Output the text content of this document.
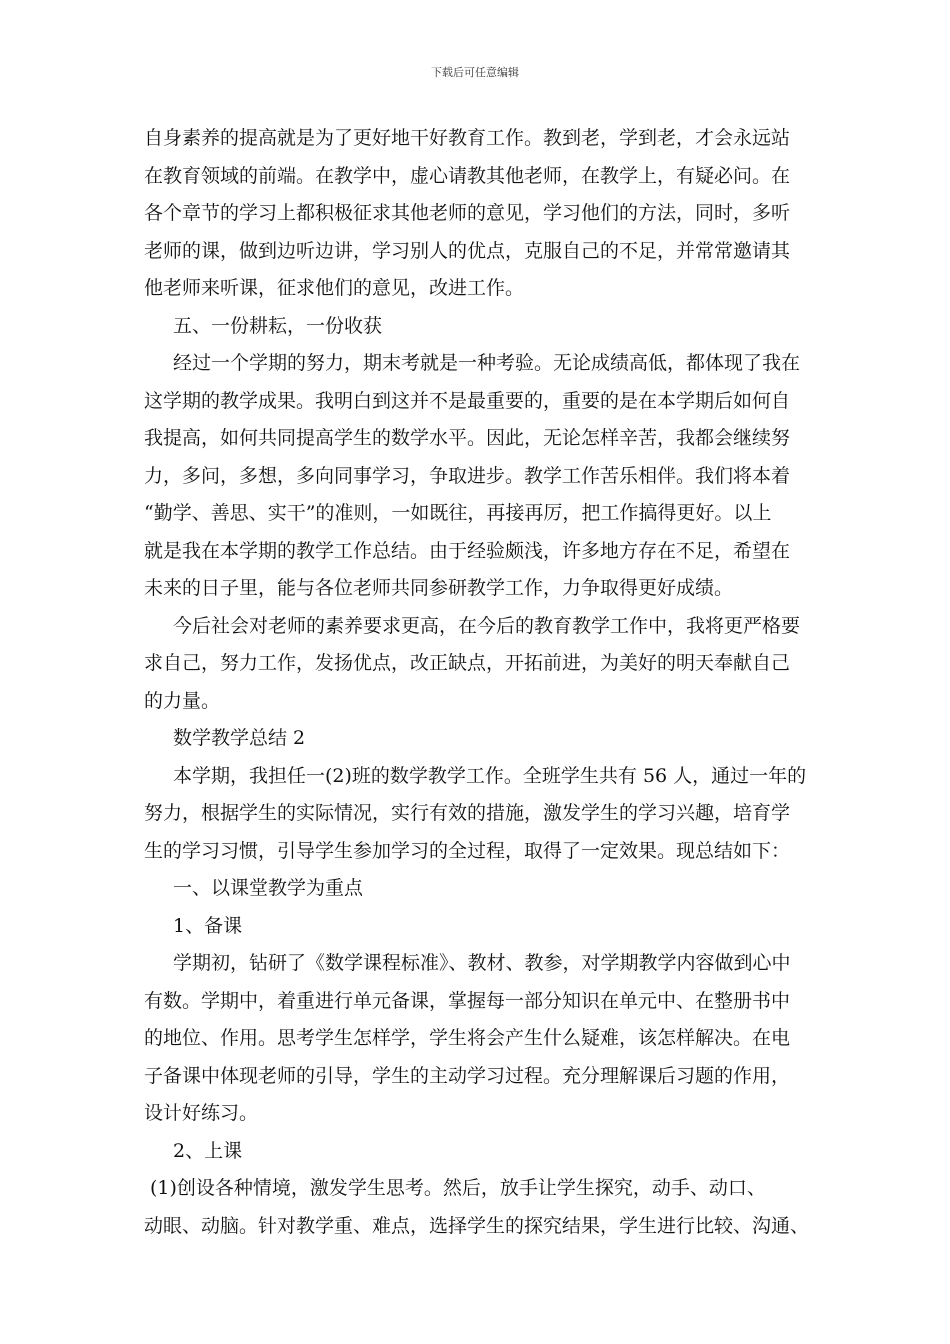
下载后可任意编辑
自身素养的提高就是为了更好地干好教育工作。教到老，学到老，才会永远站
在教育领域的前端。在教学中，虚心请教其他老师，在教学上，有疑必问。在
各个章节的学习上都积极征求其他老师的意见，学习他们的方法，同时，多听
老师的课，做到边听边讲，学习别人的优点，克服自己的不足，并常常邀请其
他老师来听课，征求他们的意见，改进工作。
五、一份耕耘，一份收获
经过一个学期的努力，期末考就是一种考验。无论成绩高低，都体现了我在
这学期的教学成果。我明白到这并不是最重要的，重要的是在本学期后如何自
我提高，如何共同提高学生的数学水平。因此，无论怎样辛苦，我都会继续努
力，多问，多想，多向同事学习，争取进步。教学工作苦乐相伴。我们将本着
“勤学、善思、实干”的准则，一如既往，再接再厉，把工作搞得更好。以上
就是我在本学期的教学工作总结。由于经验颇浅，许多地方存在不足，希望在
未来的日子里，能与各位老师共同参研教学工作，力争取得更好成绩。
今后社会对老师的素养要求更高，在今后的教育教学工作中，我将更严格要
求自己，努力工作，发扬优点，改正缺点，开拓前进，为美好的明天奉献自己
的力量。
数学教学总结 2
本学期，我担任一(2)班的数学教学工作。全班学生共有 56 人，通过一年的
努力，根据学生的实际情况，实行有效的措施，激发学生的学习兴趣，培育学
生的学习习惯，引导学生参加学习的全过程，取得了一定效果。现总结如下：
一、以课堂教学为重点
1、备课
学期初，钻研了《数学课程标准》、教材、教参，对学期教学内容做到心中
有数。学期中，着重进行单元备课，掌握每一部分知识在单元中、在整册书中
的地位、作用。思考学生怎样学，学生将会产生什么疑难，该怎样解决。在电
子备课中体现老师的引导，学生的主动学习过程。充分理解课后习题的作用，
设计好练习。
2、上课
(1)创设各种情境，激发学生思考。然后，放手让学生探究，动手、动口、
动眼、动脑。针对教学重、难点，选择学生的探究结果，学生进行比较、沟通、
